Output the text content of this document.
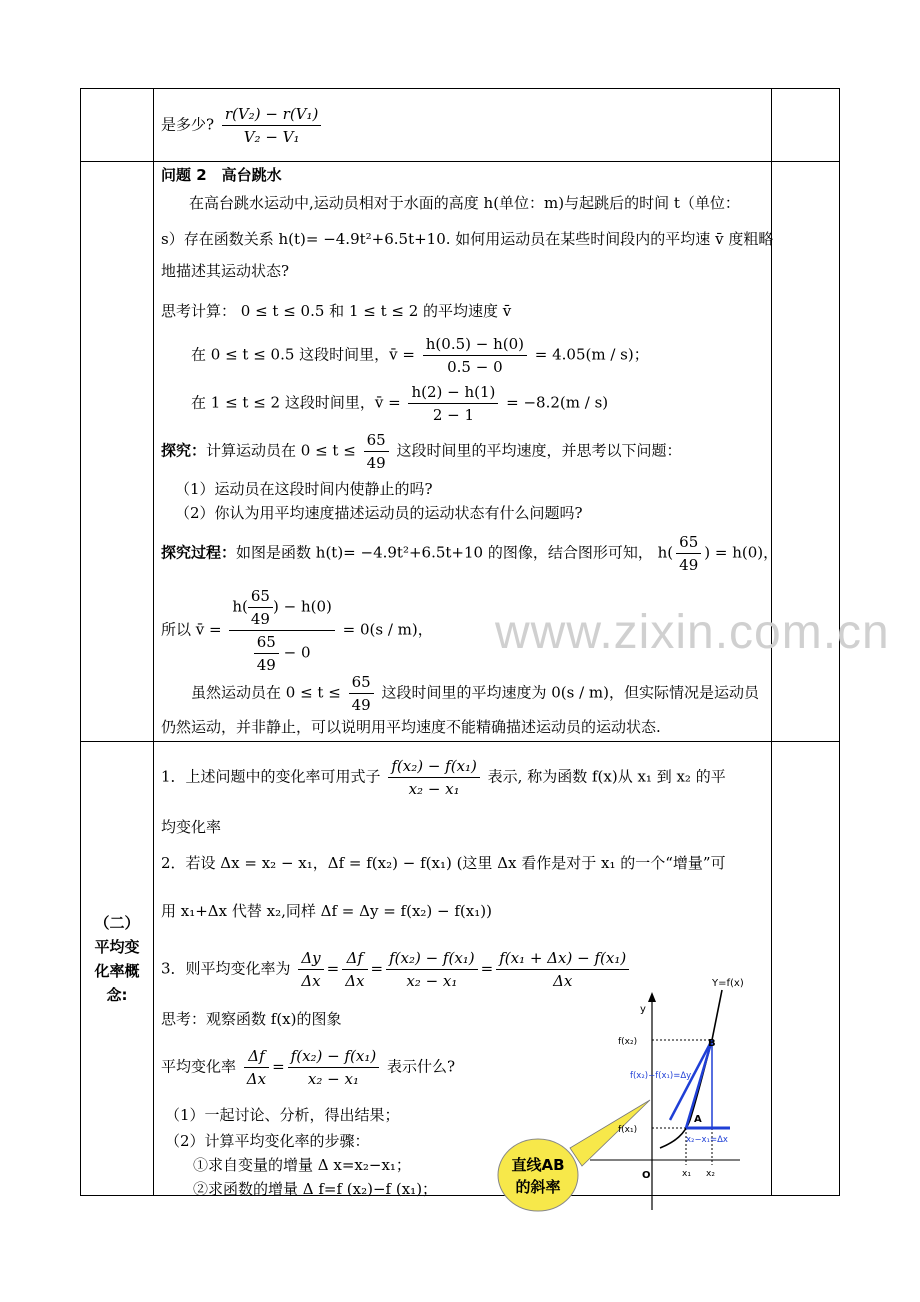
是多少? $\frac{\text{r(V₂) − r(V₁)}}{\text{V₂ − V₁}}$
问题 2　高台跳水
在高台跳水运动中,运动员相对于水面的高度 h(单位：m)与起跳后的时间 t（单位：
s）存在函数关系 h(t)= −4.9t²+6.5t+10. 如何用运动员在某些时间段内的平均速 v̄ 度粗略
地描述其运动状态?
思考计算： 0 ≤ t ≤ 0.5 和 1 ≤ t ≤ 2 的平均速度 v̄
在 0 ≤ t ≤ 0.5 这段时间里，v̄ = $\frac{h(0.5) - h(0)}{0.5 - 0} = 4.05(m / s)$；
在 1 ≤ t ≤ 2 这段时间里，v̄ = $\frac{h(2) - h(1)}{2 - 1} = -8.2(m / s)$
探究：计算运动员在 $0 \le t \le \frac{65}{49}$ 这段时间里的平均速度，并思考以下问题：
（1）运动员在这段时间内使静止的吗?
（2）你认为用平均速度描述运动员的运动状态有什么问题吗?
探究过程：如图是函数 h(t)= −4.9t²+6.5t+10 的图像，结合图形可知， $h( \frac{65}{49}$ ) = h(0)，
所以 v̄ = $\frac{h( \frac{65}{49} ) - h(0)}{\frac{65}{49} - 0} = 0(s / m)$，
虽然运动员在 $0 \le t \le \frac{65}{49}$ 这段时间里的平均速度为 0(s / m)，但实际情况是运动员
仍然运动，并非静止，可以说明用平均速度不能精确描述运动员的运动状态.
（二）
平均变
化率概
念:
1．上述问题中的变化率可用式子 $\frac{\text{f(x₂) − f(x₁)}}{\text{x₂ − x₁}}$ 表示, 称为函数 f(x)从 x₁ 到 x₂ 的平
均变化率
2．若设 Δx = x₂ − x₁，Δf = f(x₂) − f(x₁) (这里 Δx 看作是对于 x₁ 的一个“增量”可
用 x₁+Δx 代替 x₂,同样 Δf = Δy = f(x₂) − f(x₁))
3．则平均变化率为 $\frac{\Delta y}{\Delta x} = \frac{\Delta f}{\Delta x} = \frac{\text{f(x₂) − f(x₁)}}{\text{x₂ − x₁}} = \frac{\text{f(x₁ + Δx) − f(x₁)}}{\Delta x}$
思考：观察函数 f(x)的图象
平均变化率 $\frac{\Delta f}{\Delta x} = \frac{\text{f(x₂) − f(x₁)}}{\text{x₂ − x₁}}$ 表示什么?
（1）一起讨论、分析，得出结果；
（2）计算平均变化率的步骤：
①求自变量的增量 Δ x=x₂−x₁；
②求函数的增量 Δ f=f (x₂)−f (x₁)；
直线AB
的斜率
Y=f(x)
y
f(x₂)
f(x₁)
B
A
f(x₂)−f(x₁)=Δy
x₂−x₁=Δx
O	x₁ x₂
www.zixin.com.cn
